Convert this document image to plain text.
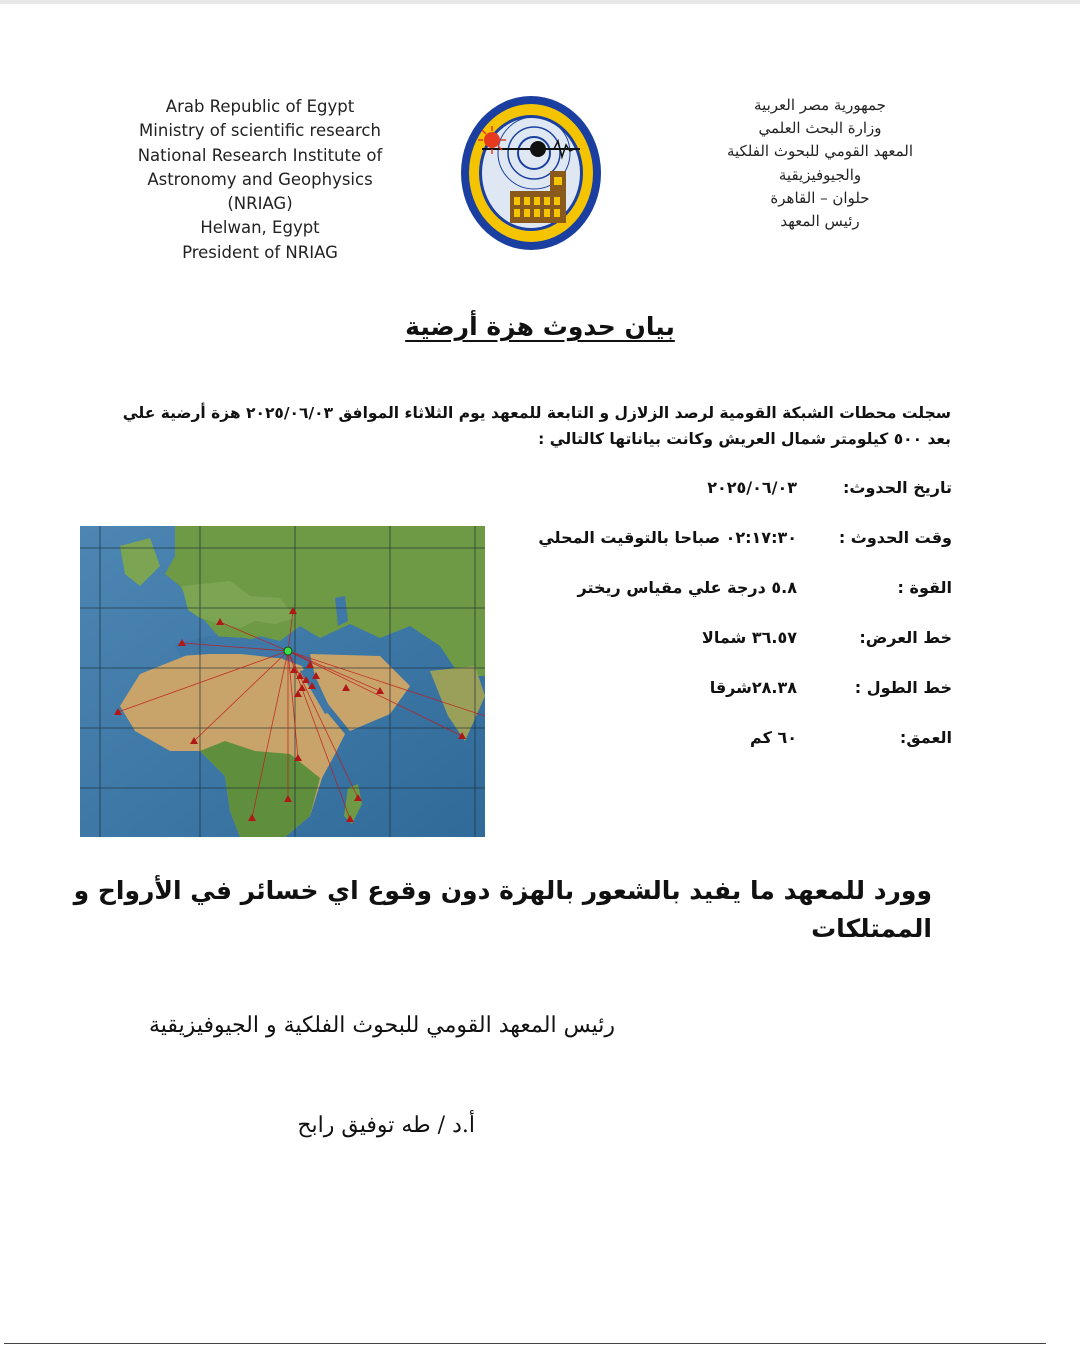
Arab Republic of Egypt
Ministry of scientific research
National Research Institute of
Astronomy and Geophysics
(NRIAG)
Helwan, Egypt
President of NRIAG
جمهورية مصر العربية
وزارة البحث العلمي
المعهد القومي للبحوث الفلكية
والجيوفيزيقية
حلوان – القاهرة
رئيس المعهد
بيان حدوث هزة أرضية
سجلت محطات الشبكة القومية لرصد الزلازل و التابعة للمعهد يوم الثلاثاء الموافق ٢٠٢٥/٠٦/٠٣ هزة أرضية علي
بعد ٥٠٠ كيلومتر شمال العريش وكانت بياناتها كالتالي :
تاريخ الحدوث:
٢٠٢٥/٠٦/٠٣
وقت الحدوث :
٠٢:١٧:٣٠ صباحا بالتوقيت المحلي
القوة :
٥.٨ درجة علي مقياس ريختر
خط العرض:
٣٦.٥٧ شمالا
خط الطول :
٢٨.٣٨شرقا
العمق:
٦٠ كم
وورد للمعهد ما يفيد بالشعور بالهزة دون وقوع اي خسائر في الأرواح و
الممتلكات
رئيس المعهد القومي للبحوث الفلكية و الجيوفيزيقية
أ.د / طه توفيق رابح
